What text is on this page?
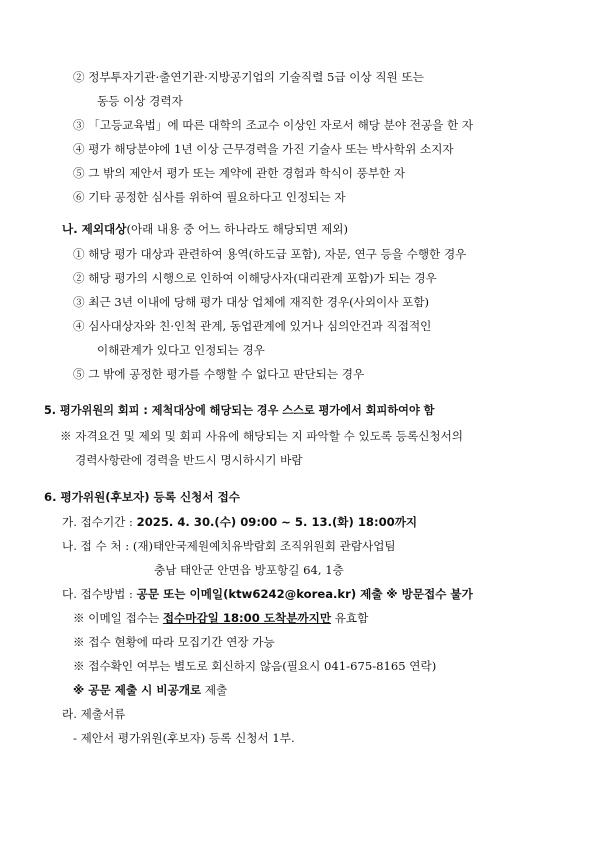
② 정부투자기관·출연기관·지방공기업의 기술직렬 5급 이상 직원 또는
동등 이상 경력자
③ 「고등교육법」에 따른 대학의 조교수 이상인 자로서 해당 분야 전공을 한 자
④ 평가 해당분야에 1년 이상 근무경력을 가진 기술사 또는 박사학위 소지자
⑤ 그 밖의 제안서 평가 또는 계약에 관한 경험과 학식이 풍부한 자
⑥ 기타 공정한 심사를 위하여 필요하다고 인정되는 자
나. 제외대상(아래 내용 중 어느 하나라도 해당되면 제외)
① 해당 평가 대상과 관련하여 용역(하도급 포함), 자문, 연구 등을 수행한 경우
② 해당 평가의 시행으로 인하여 이해당사자(대리관계 포함)가 되는 경우
③ 최근 3년 이내에 당해 평가 대상 업체에 재직한 경우(사외이사 포함)
④ 심사대상자와 친·인척 관계, 동업관계에 있거나 심의안건과 직접적인
이해관계가 있다고 인정되는 경우
⑤ 그 밖에 공정한 평가를 수행할 수 없다고 판단되는 경우
5. 평가위원의 회피 : 제척대상에 해당되는 경우 스스로 평가에서 회피하여야 함
※ 자격요건 및 제외 및 회피 사유에 해당되는 지 파악할 수 있도록 등록신청서의
경력사항란에 경력을 반드시 명시하시기 바람
6. 평가위원(후보자) 등록 신청서 접수
가. 접수기간 : 2025. 4. 30.(수) 09:00 ~ 5. 13.(화) 18:00까지
나. 접 수 처 : (재)태안국제원예치유박람회 조직위원회 관람사업팀
충남 태안군 안면읍 방포항길 64, 1층
다. 접수방법 : 공문 또는 이메일(ktw6242@korea.kr) 제출 ※ 방문접수 불가
※ 이메일 접수는 접수마감일 18:00 도착분까지만 유효함
※ 접수 현황에 따라 모집기간 연장 가능
※ 접수확인 여부는 별도로 회신하지 않음(필요시 041-675-8165 연락)
※ 공문 제출 시 비공개로 제출
라. 제출서류
- 제안서 평가위원(후보자) 등록 신청서 1부.
